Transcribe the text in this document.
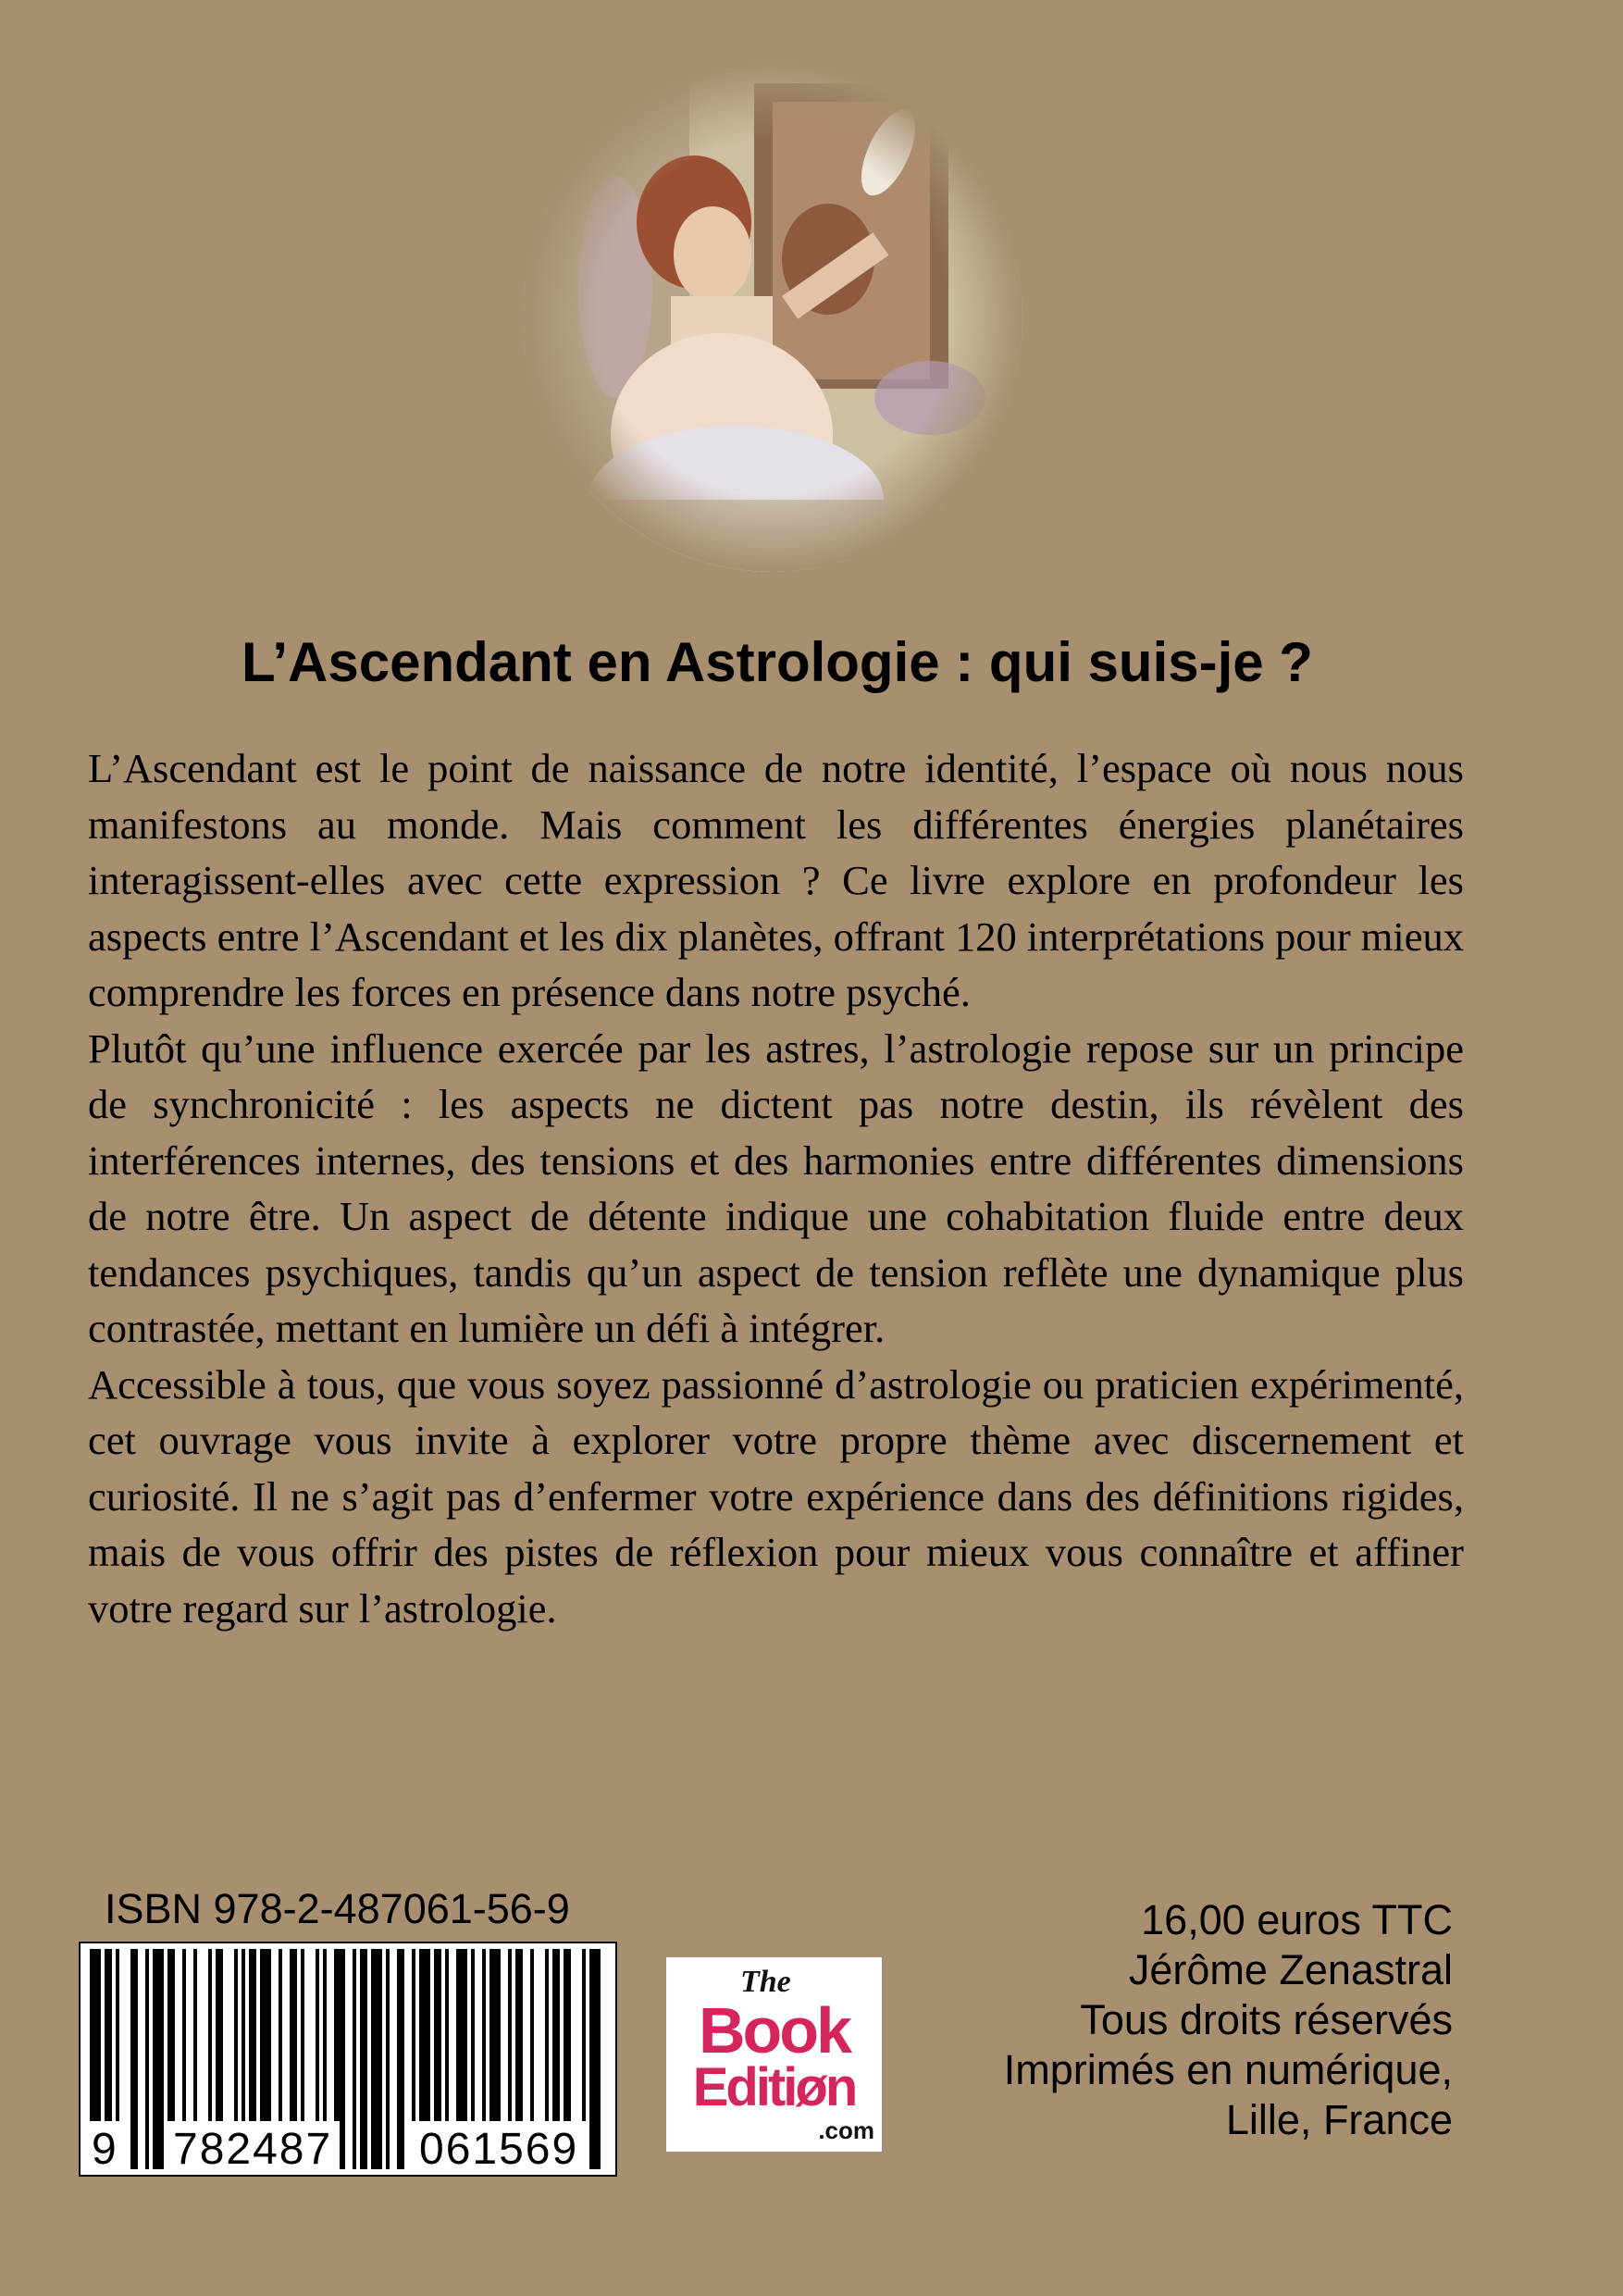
L’Ascendant en Astrologie : qui suis-je ?

L’Ascendant est le point de naissance de notre identité, l’espace où nous nous manifestons au monde. Mais comment les différentes énergies planétaires interagissent-elles avec cette expression ? Ce livre explore en profondeur les aspects entre l’Ascendant et les dix planètes, offrant 120 interprétations pour mieux comprendre les forces en présence dans notre psyché.

Plutôt qu’une influence exercée par les astres, l’astrologie repose sur un principe de synchronicité : les aspects ne dictent pas notre destin, ils révèlent des interférences internes, des tensions et des harmonies entre différentes dimensions de notre être. Un aspect de détente indique une cohabitation fluide entre deux tendances psychiques, tandis qu’un aspect de tension reflète une dynamique plus contrastée, mettant en lumière un défi à intégrer.

Accessible à tous, que vous soyez passionné d’astrologie ou praticien expérimenté, cet ouvrage vous invite à explorer votre propre thème avec discernement et curiosité. Il ne s’agit pas d’enfermer votre expérience dans des définitions rigides, mais de vous offrir des pistes de réflexion pour mieux vous connaître et affiner votre regard sur l’astrologie.

ISBN 978-2-487061-56-9
9 782487 061569
The
Book
Editiøn
.com
16,00 euros TTC
Jérôme Zenastral
Tous droits réservés
Imprimés en numérique,
Lille, France
